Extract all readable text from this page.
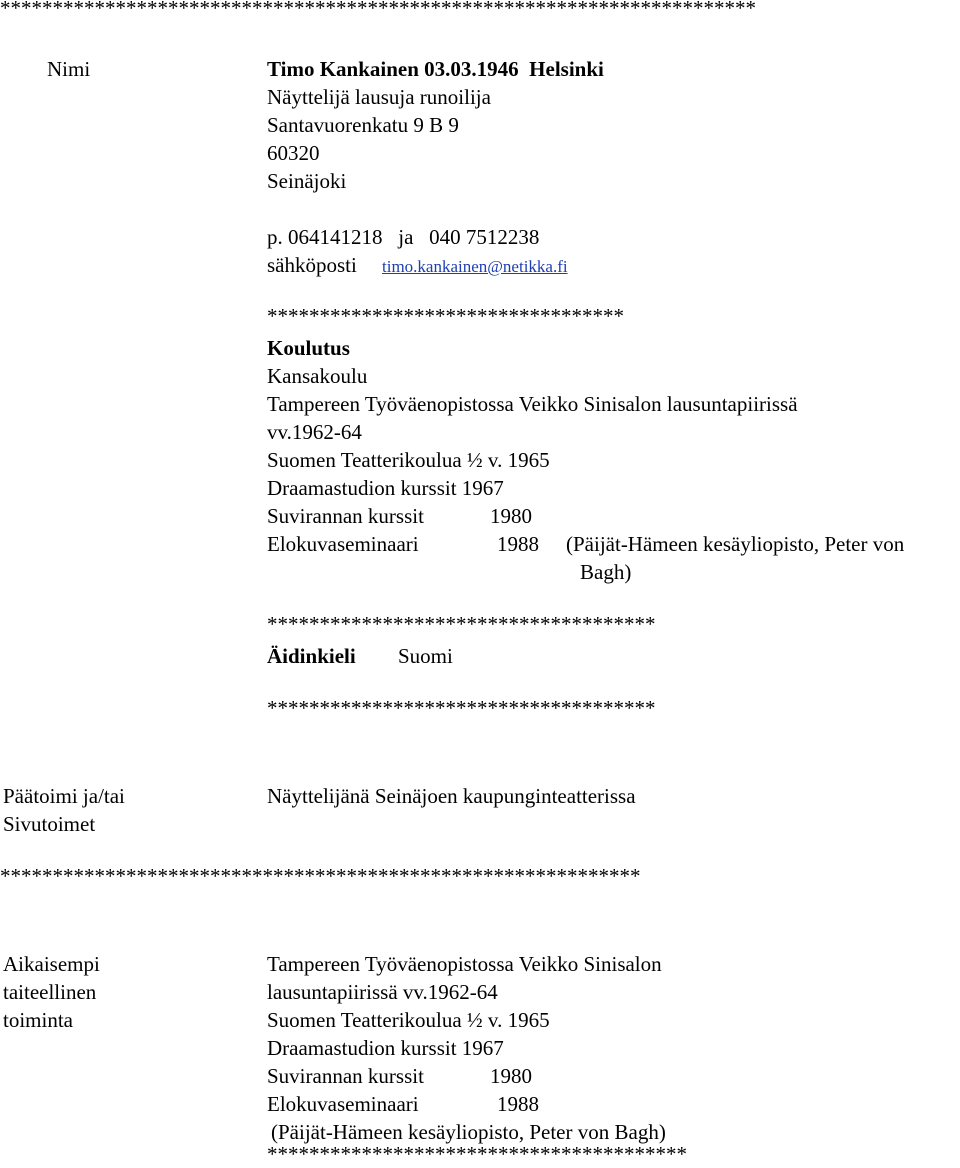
************************************************************************
Nimi	Timo Kankainen 03.03.1946  Helsinki
Näyttelijä lausuja runoilija
Santavuorenkatu 9 B 9
60320
Seinäjoki
p. 064141218   ja   040 7512238
sähköposti timo.kankainen@netikka.fi
**********************************
Koulutus
Kansakoulu
Tampereen Työväenopistossa Veikko Sinisalon lausuntapiirissä
vv.1962-64
Suomen Teatterikoulua ½ v. 1965
Draamastudion kurssit 1967
Suvirannan kurssit	1980
Elokuvaseminaari	1988 (Päijät-Hämeen kesäyliopisto, Peter von
Bagh)
*************************************
Äidinkieli Suomi
*************************************
Päätoimi ja/tai
Sivutoimet
Näyttelijänä Seinäjoen kaupunginteatterissa
*************************************************************
Aikaisempi
taiteellinen
toiminta
Tampereen Työväenopistossa Veikko Sinisalon
lausuntapiirissä vv.1962-64
Suomen Teatterikoulua ½ v. 1965
Draamastudion kurssit 1967
Suvirannan kurssit	1980
Elokuvaseminaari	1988
(Päijät-Hämeen kesäyliopisto, Peter von Bagh)
****************************************
